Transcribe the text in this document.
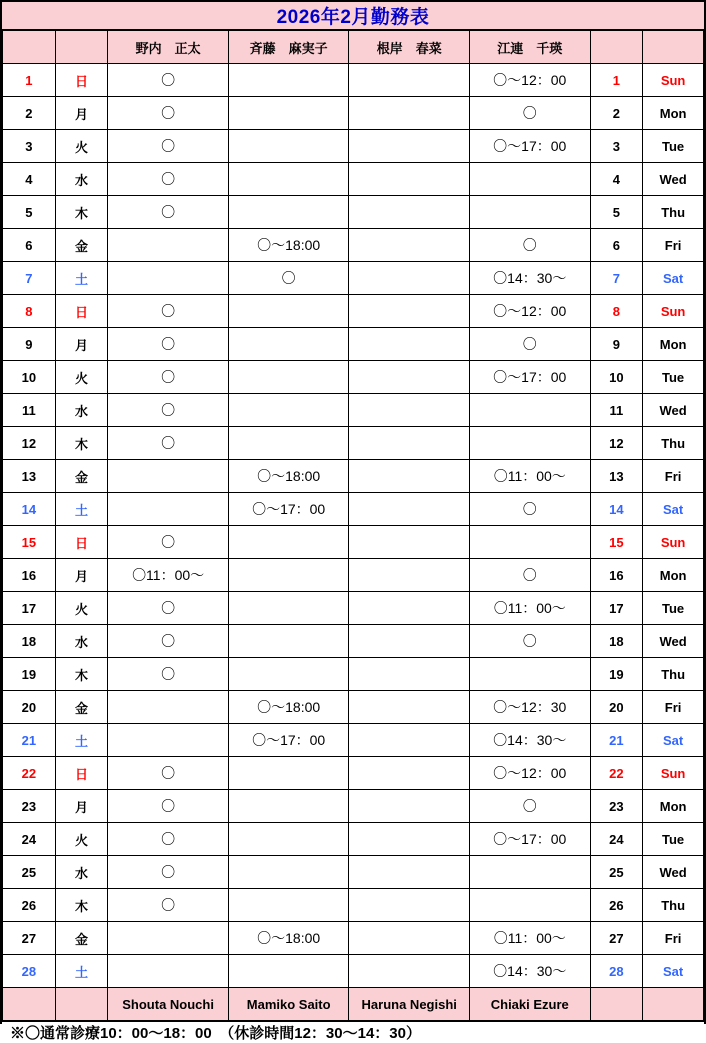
2026年2月勤務表
		野内　正太	斉藤　麻実子	根岸　春菜	江連　千瑛		
1	日	〇			〇〜12：00	1	Sun
2	月	〇			〇	2	Mon
3	火	〇			〇〜17：00	3	Tue
4	水	〇				4	Wed
5	木	〇				5	Thu
6	金		〇〜18:00		〇	6	Fri
7	土		〇		〇14：30〜	7	Sat
8	日	〇			〇〜12：00	8	Sun
9	月	〇			〇	9	Mon
10	火	〇			〇〜17：00	10	Tue
11	水	〇				11	Wed
12	木	〇				12	Thu
13	金		〇〜18:00		〇11：00〜	13	Fri
14	土		〇〜17：00		〇	14	Sat
15	日	〇				15	Sun
16	月	〇11：00〜			〇	16	Mon
17	火	〇			〇11：00〜	17	Tue
18	水	〇			〇	18	Wed
19	木	〇				19	Thu
20	金		〇〜18:00		〇〜12：30	20	Fri
21	土		〇〜17：00		〇14：30〜	21	Sat
22	日	〇			〇〜12：00	22	Sun
23	月	〇			〇	23	Mon
24	火	〇			〇〜17：00	24	Tue
25	水	〇				25	Wed
26	木	〇				26	Thu
27	金		〇〜18:00		〇11：00〜	27	Fri
28	土				〇14：30〜	28	Sat
		Shouta Nouchi	Mamiko Saito	Haruna Negishi	Chiaki Ezure		
※〇通常診療10：00〜18：00　（休診時間12：30〜14：30）
